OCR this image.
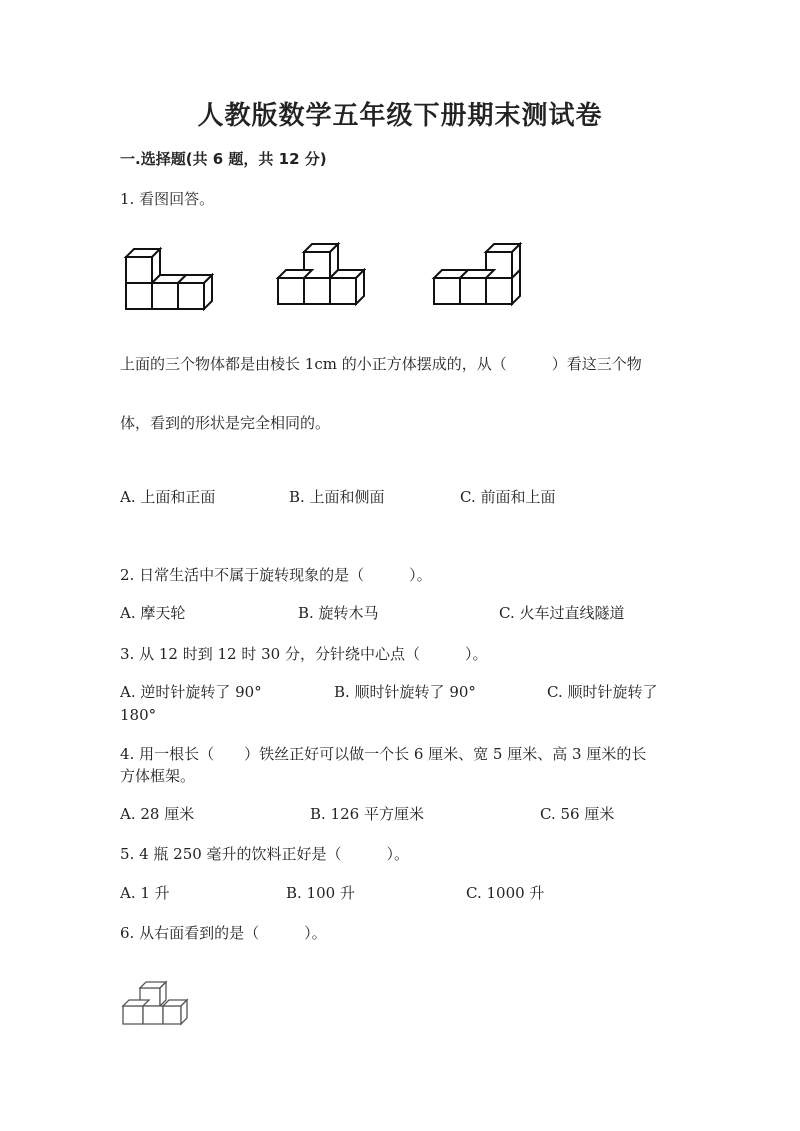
人教版数学五年级下册期末测试卷
一.选择题(共 6 题，共 12 分)
1. 看图回答。
上面的三个物体都是由棱长 1cm 的小正方体摆成的，从（　　　）看这三个物
体，看到的形状是完全相同的。
A. 上面和正面	B. 上面和侧面	C. 前面和上面
2. 日常生活中不属于旋转现象的是（　　　）。
A. 摩天轮	B. 旋转木马	C. 火车过直线隧道
3. 从 12 时到 12 时 30 分，分针绕中心点（　　　）。
A. 逆时针旋转了 90°	B. 顺时针旋转了 90°	C. 顺时针旋转了
180°
4. 用一根长（　　）铁丝正好可以做一个长 6 厘米、宽 5 厘米、高 3 厘米的长
方体框架。
A. 28 厘米	B. 126 平方厘米	C. 56 厘米
5. 4 瓶 250 毫升的饮料正好是（　　　）。
A. 1 升	B. 100 升	C. 1000 升
6. 从右面看到的是（　　　）。
